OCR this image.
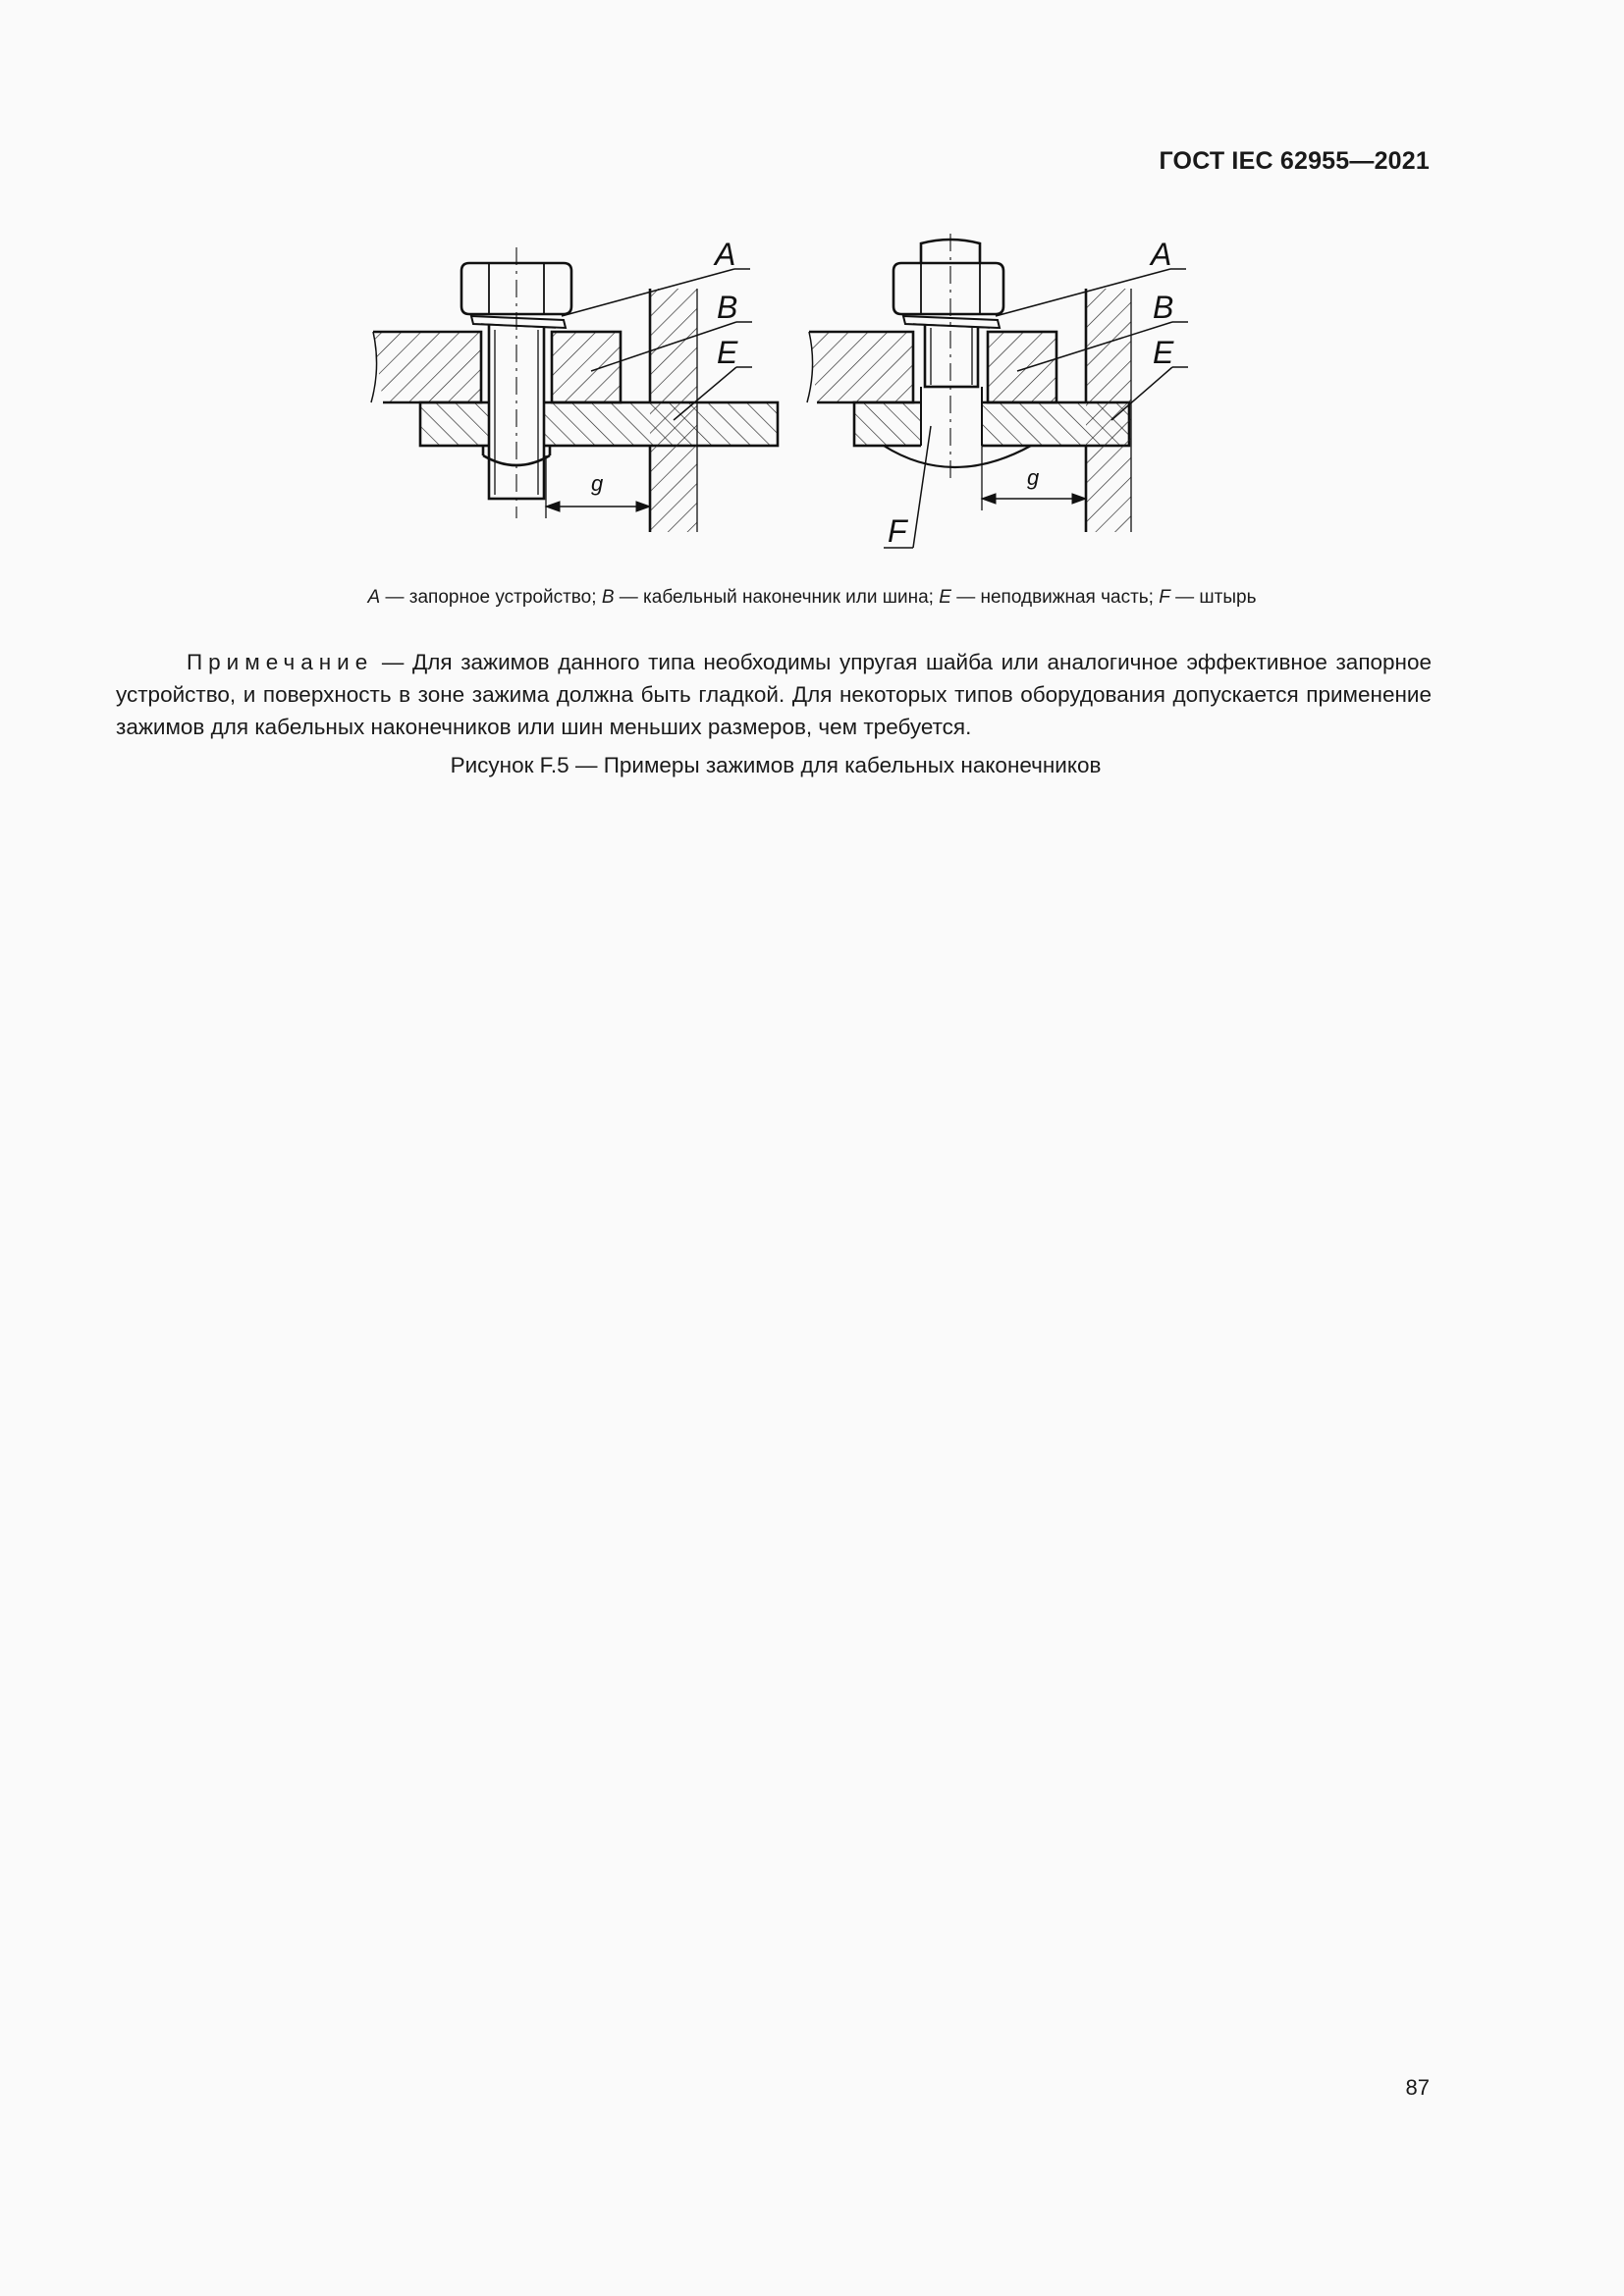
ГОСТ IEC 62955—2021
A
B
E
g
A
B
E
F
g
A — запорное устройство; B — кабельный наконечник или шина; E — неподвижная часть; F — штырь
Примечание — Для зажимов данного типа необходимы упругая шайба или аналогичное эффективное запорное устройство, и поверхность в зоне зажима должна быть гладкой. Для некоторых типов оборудования допускается применение зажимов для кабельных наконечников или шин меньших размеров, чем требуется.
Рисунок F.5 — Примеры зажимов для кабельных наконечников
87
